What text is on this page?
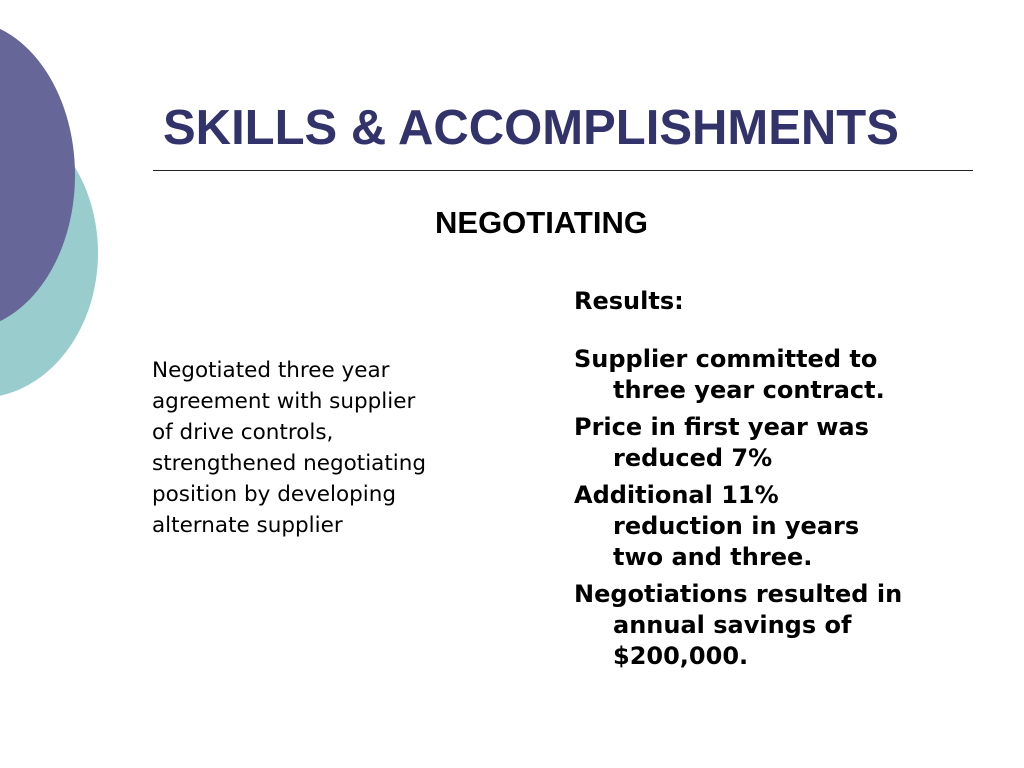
SKILLS & ACCOMPLISHMENTS
NEGOTIATING
Negotiated three year
agreement with supplier
of drive controls,
strengthened negotiating
position by developing
alternate supplier
Results:
Supplier committed to
three year contract.
Price in first year was
reduced 7%
Additional 11%
reduction in years
two and three.
Negotiations resulted in
annual savings of
$200,000.
